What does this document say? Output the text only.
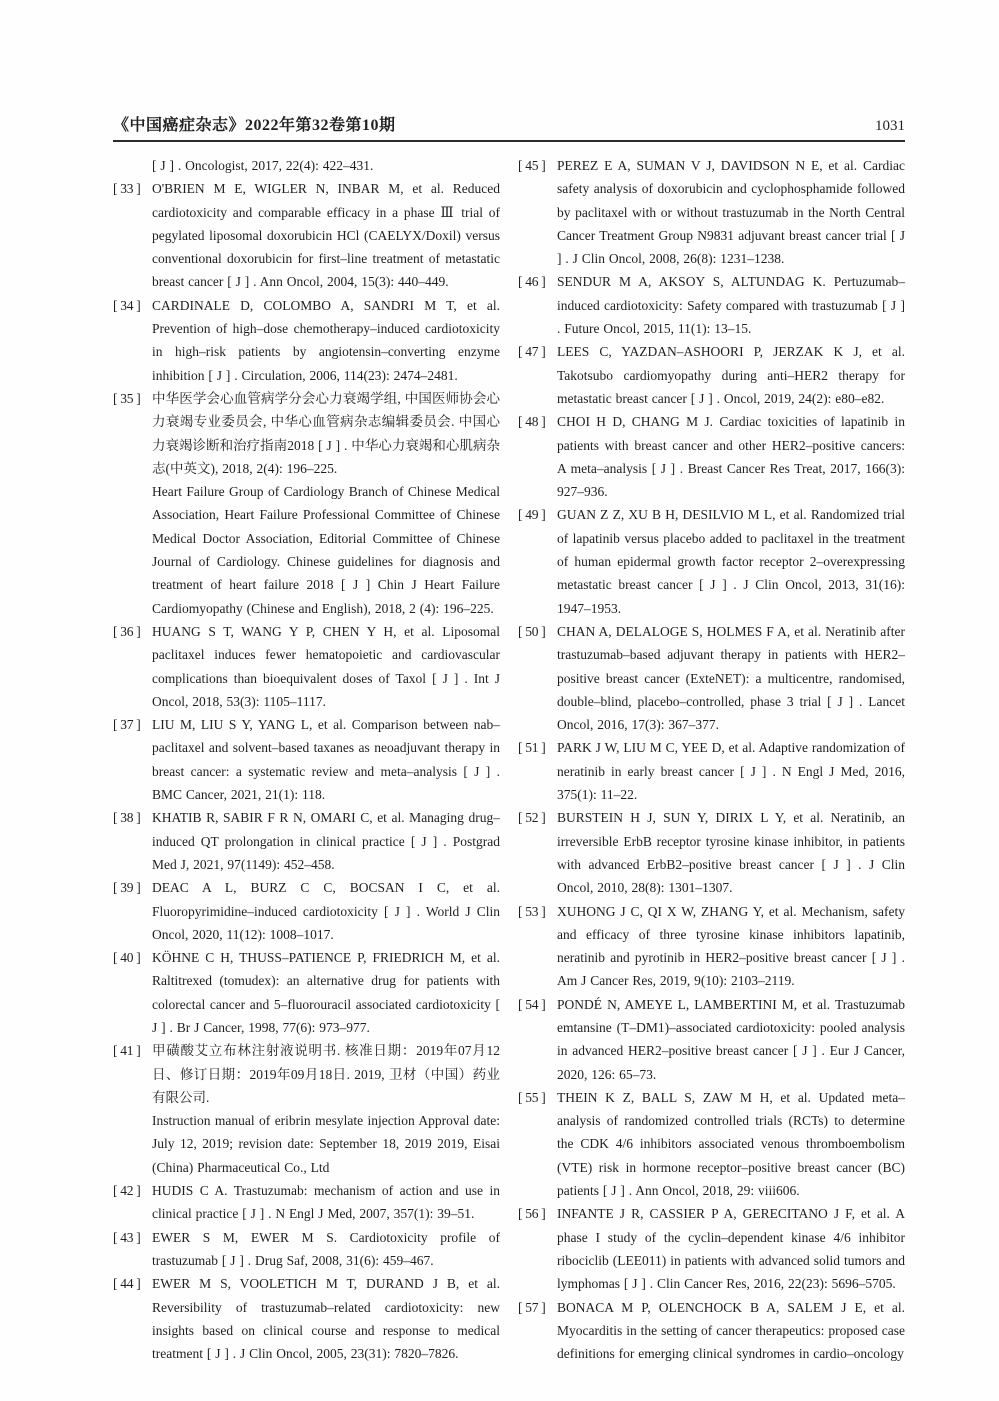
《中国癌症杂志》2022年第32卷第10期	1031

[ J ] . Oncologist, 2017, 22(4): 422–431.

[ 33 ] O'BRIEN M E, WIGLER N, INBAR M, et al. Reduced cardiotoxicity and comparable efficacy in a phase Ⅲ trial of pegylated liposomal doxorubicin HCl (CAELYX/Doxil) versus conventional doxorubicin for first–line treatment of metastatic breast cancer [ J ] . Ann Oncol, 2004, 15(3): 440–449.

[ 34 ] CARDINALE D, COLOMBO A, SANDRI M T, et al. Prevention of high–dose chemotherapy–induced cardiotoxicity in high–risk patients by angiotensin–converting enzyme inhibition [ J ] . Circulation, 2006, 114(23): 2474–2481.

[ 35 ] 中华医学会心血管病学分会心力衰竭学组, 中国医师协会心力衰竭专业委员会, 中华心血管病杂志编辑委员会. 中国心力衰竭诊断和治疗指南2018 [ J ] . 中华心力衰竭和心肌病杂志(中英文), 2018, 2(4): 196–225.

Heart Failure Group of Cardiology Branch of Chinese Medical Association, Heart Failure Professional Committee of Chinese Medical Doctor Association, Editorial Committee of Chinese Journal of Cardiology. Chinese guidelines for diagnosis and treatment of heart failure 2018 [ J ] Chin J Heart Failure Cardiomyopathy (Chinese and English), 2018, 2 (4): 196–225.

[ 36 ] HUANG S T, WANG Y P, CHEN Y H, et al. Liposomal paclitaxel induces fewer hematopoietic and cardiovascular complications than bioequivalent doses of Taxol [ J ] . Int J Oncol, 2018, 53(3): 1105–1117.

[ 37 ] LIU M, LIU S Y, YANG L, et al. Comparison between nab–paclitaxel and solvent–based taxanes as neoadjuvant therapy in breast cancer: a systematic review and meta–analysis [ J ] . BMC Cancer, 2021, 21(1): 118.

[ 38 ] KHATIB R, SABIR F R N, OMARI C, et al. Managing drug–induced QT prolongation in clinical practice [ J ] . Postgrad Med J, 2021, 97(1149): 452–458.

[ 39 ] DEAC A L, BURZ C C, BOCSAN I C, et al. Fluoropyrimidine–induced cardiotoxicity [ J ] . World J Clin Oncol, 2020, 11(12): 1008–1017.

[ 40 ] KÖHNE C H, THUSS–PATIENCE P, FRIEDRICH M, et al. Raltitrexed (tomudex): an alternative drug for patients with colorectal cancer and 5–fluorouracil associated cardiotoxicity [ J ] . Br J Cancer, 1998, 77(6): 973–977.

[ 41 ] 甲磺酸艾立布林注射液说明书. 核准日期：2019年07月12日、修订日期：2019年09月18日. 2019, 卫材（中国）药业有限公司.

Instruction manual of eribrin mesylate injection Approval date: July 12, 2019; revision date: September 18, 2019 2019, Eisai (China) Pharmaceutical Co., Ltd

[ 42 ] HUDIS C A. Trastuzumab: mechanism of action and use in clinical practice [ J ] . N Engl J Med, 2007, 357(1): 39–51.

[ 43 ] EWER S M, EWER M S. Cardiotoxicity profile of trastuzumab [ J ] . Drug Saf, 2008, 31(6): 459–467.

[ 44 ] EWER M S, VOOLETICH M T, DURAND J B, et al. Reversibility of trastuzumab–related cardiotoxicity: new insights based on clinical course and response to medical treatment [ J ] . J Clin Oncol, 2005, 23(31): 7820–7826.

[ 45 ] PEREZ E A, SUMAN V J, DAVIDSON N E, et al. Cardiac safety analysis of doxorubicin and cyclophosphamide followed by paclitaxel with or without trastuzumab in the North Central Cancer Treatment Group N9831 adjuvant breast cancer trial [ J ] . J Clin Oncol, 2008, 26(8): 1231–1238.

[ 46 ] SENDUR M A, AKSOY S, ALTUNDAG K. Pertuzumab–induced cardiotoxicity: Safety compared with trastuzumab [ J ] . Future Oncol, 2015, 11(1): 13–15.

[ 47 ] LEES C, YAZDAN–ASHOORI P, JERZAK K J, et al. Takotsubo cardiomyopathy during anti–HER2 therapy for metastatic breast cancer [ J ] . Oncol, 2019, 24(2): e80–e82.

[ 48 ] CHOI H D, CHANG M J. Cardiac toxicities of lapatinib in patients with breast cancer and other HER2–positive cancers: A meta–analysis [ J ] . Breast Cancer Res Treat, 2017, 166(3): 927–936.

[ 49 ] GUAN Z Z, XU B H, DESILVIO M L, et al. Randomized trial of lapatinib versus placebo added to paclitaxel in the treatment of human epidermal growth factor receptor 2–overexpressing metastatic breast cancer [ J ] . J Clin Oncol, 2013, 31(16): 1947–1953.

[ 50 ] CHAN A, DELALOGE S, HOLMES F A, et al. Neratinib after trastuzumab–based adjuvant therapy in patients with HER2–positive breast cancer (ExteNET): a multicentre, randomised, double–blind, placebo–controlled, phase 3 trial [ J ] . Lancet Oncol, 2016, 17(3): 367–377.

[ 51 ] PARK J W, LIU M C, YEE D, et al. Adaptive randomization of neratinib in early breast cancer [ J ] . N Engl J Med, 2016, 375(1): 11–22.

[ 52 ] BURSTEIN H J, SUN Y, DIRIX L Y, et al. Neratinib, an irreversible ErbB receptor tyrosine kinase inhibitor, in patients with advanced ErbB2–positive breast cancer [ J ] . J Clin Oncol, 2010, 28(8): 1301–1307.

[ 53 ] XUHONG J C, QI X W, ZHANG Y, et al. Mechanism, safety and efficacy of three tyrosine kinase inhibitors lapatinib, neratinib and pyrotinib in HER2–positive breast cancer [ J ] . Am J Cancer Res, 2019, 9(10): 2103–2119.

[ 54 ] PONDÉ N, AMEYE L, LAMBERTINI M, et al. Trastuzumab emtansine (T–DM1)–associated cardiotoxicity: pooled analysis in advanced HER2–positive breast cancer [ J ] . Eur J Cancer, 2020, 126: 65–73.

[ 55 ] THEIN K Z, BALL S, ZAW M H, et al. Updated meta–analysis of randomized controlled trials (RCTs) to determine the CDK 4/6 inhibitors associated venous thromboembolism (VTE) risk in hormone receptor–positive breast cancer (BC) patients [ J ] . Ann Oncol, 2018, 29: viii606.

[ 56 ] INFANTE J R, CASSIER P A, GERECITANO J F, et al. A phase I study of the cyclin–dependent kinase 4/6 inhibitor ribociclib (LEE011) in patients with advanced solid tumors and lymphomas [ J ] . Clin Cancer Res, 2016, 22(23): 5696–5705.

[ 57 ] BONACA M P, OLENCHOCK B A, SALEM J E, et al. Myocarditis in the setting of cancer therapeutics: proposed case definitions for emerging clinical syndromes in cardio–oncology
